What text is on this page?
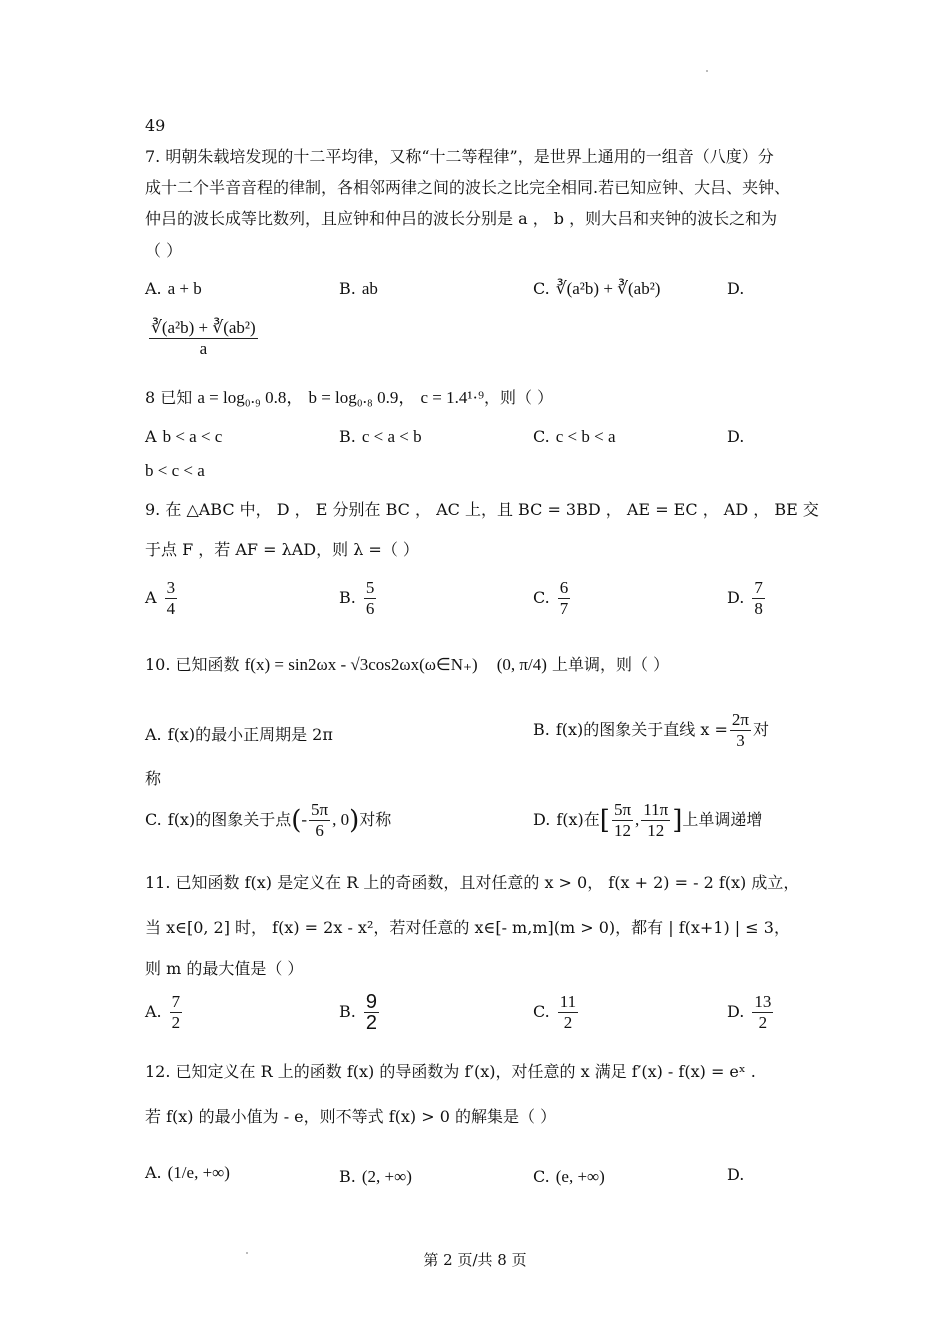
49
7. 明朝朱载培发现的十二平均律，又称“十二等程律”，是世界上通用的一组音（八度）分
成十二个半音音程的律制，各相邻两律之间的波长之比完全相同.若已知应钟、大吕、夹钟、
仲吕的波长成等比数列，且应钟和仲吕的波长分别是 a ， b ，则大吕和夹钟的波长之和为
（ ）
A. a + b	B. ab	C. ∛(a²b) + ∛(ab²)	D.
$\frac{\text{∛(a²b) + ∛(ab²)}}{a}$
8 已知 a = log₀.₉ 0.8， b = log₀.₈ 0.9， c = 1.4¹·⁹，则（ ）
A b < a < c	B. c < a < b	C. c < b < a	D.
b < c < a
9. 在 △ABC 中， D ， E 分别在 BC ， AC 上，且 BC = 3BD ， AE = EC ， AD ， BE 交
于点 F ，若 AF = λAD，则 λ =（ ）
A $\frac{3}{4}$	B. $\frac{5}{6}$	C. $\frac{6}{7}$	D. $\frac{7}{8}$
10. 已知函数 f(x) = sin2ωx - √3cos2ωx(ω∈N₊) (0, π/4) 上单调，则（ ）
A. f(x)的最小正周期是 2π	B. f(x)的图象关于直线 $x = \frac{2\pi}{3}$ 对
称
C. f(x)的图象关于点(- $\frac{5\pi}{6}$ , 0)对称	D. f(x)在[ $\frac{5\pi}{12}$ , $\frac{11\pi}{12}$ ]上单调递增
11. 已知函数 f(x) 是定义在 R 上的奇函数，且对任意的 x > 0， f(x + 2) = - 2 f(x) 成立，
当 x∈[0, 2] 时， f(x) = 2x - x²，若对任意的 x∈[- m,m](m > 0)，都有 | f(x+1) | ≤ 3，
则 m 的最大值是（ ）
A. $\frac{7}{2}$	B. $\frac{9}{2}$	C. $\frac{11}{2}$	D. $\frac{13}{2}$
12. 已知定义在 R 上的函数 f(x) 的导函数为 f′(x)，对任意的 x 满足 f′(x) - f(x) = eˣ .
若 f(x) 的最小值为 - e，则不等式 f(x) > 0 的解集是（ ）
A. (1/e, +∞)	B. (2, +∞)	C. (e, +∞)	D.
第 2 页/共 8 页
